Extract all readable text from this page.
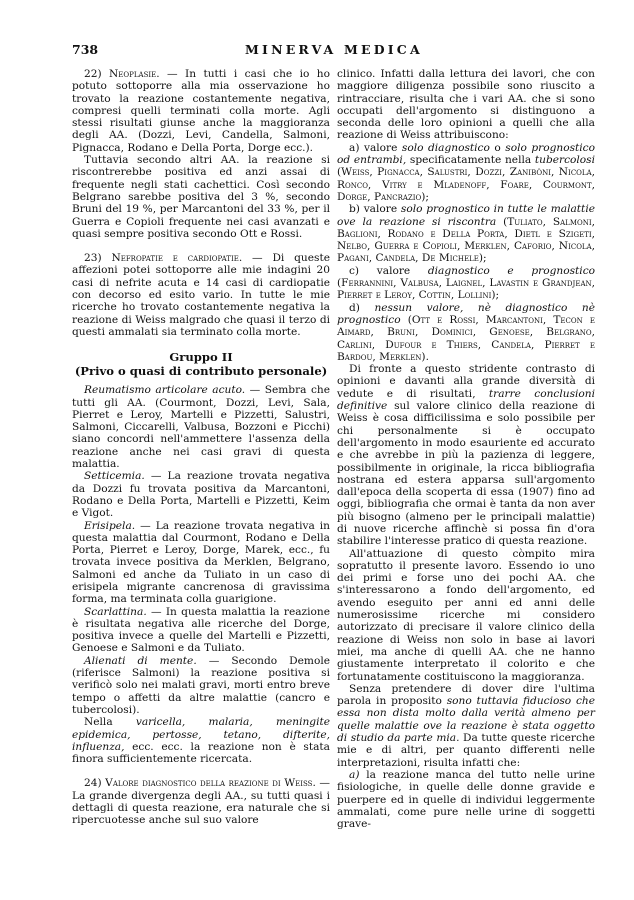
738	MINERVA MEDICA

22) Neoplasie. — In tutti i casi che io ho potuto sottoporre alla mia osservazione ho trovato la reazione costantemente negativa, compresi quelli terminati colla morte. Agli stessi risultati giunse anche la maggioranza degli AA. (Dozzi, Levi, Candella, Salmoni, Pignacca, Rodano e Della Porta, Dorge ecc.).

Tuttavia secondo altri AA. la reazione si riscontrerebbe positiva ed anzi assai di frequente negli stati cachettici. Così secondo Belgrano sarebbe positiva del 3 %, secondo Bruni del 19 %, per Marcantoni del 33 %, per il Guerra e Copioli frequente nei casi avanzati e quasi sempre positiva secondo Ott e Rossi.

23) Nefropatie e cardiopatie. — Di queste affezioni potei sottoporre alle mie indagini 20 casi di nefrite acuta e 14 casi di cardiopatie con decorso ed esito vario. In tutte le mie ricerche ho trovato costantemente negativa la reazione di Weiss malgrado che quasi il terzo di questi ammalati sia terminato colla morte.

Gruppo II
(Privo o quasi di contributo personale)

Reumatismo articolare acuto. — Sembra che tutti gli AA. (Courmont, Dozzi, Levi, Sala, Pierret e Leroy, Martelli e Pizzetti, Salustri, Salmoni, Ciccarelli, Valbusa, Bozzoni e Picchi) siano concordi nell'ammettere l'assenza della reazione anche nei casi gravi di questa malattia.

Setticemia. — La reazione trovata negativa da Dozzi fu trovata positiva da Marcantoni, Rodano e Della Porta, Martelli e Pizzetti, Keim e Vigot.

Erisipela. — La reazione trovata negativa in questa malattia dal Courmont, Rodano e Della Porta, Pierret e Leroy, Dorge, Marek, ecc., fu trovata invece positiva da Merklen, Belgrano, Salmoni ed anche da Tuliato in un caso di erisipela migrante cancrenosa di gravissima forma, ma terminata colla guarigione.

Scarlattina. — In questa malattia la reazione è risultata negativa alle ricerche del Dorge, positiva invece a quelle del Martelli e Pizzetti, Genoese e Salmoni e da Tuliato.

Alienati di mente. — Secondo Demole (riferisce Salmoni) la reazione positiva si verificò solo nei malati gravi, morti entro breve tempo o affetti da altre malattie (cancro e tubercolosi).

Nella varicella, malaria, meningite epidemica, pertosse, tetano, difterite, influenza, ecc. ecc. la reazione non è stata finora sufficientemente ricercata.

24) Valore diagnostico della reazione di Weiss. — La grande divergenza degli AA., su tutti quasi i dettagli di questa reazione, era naturale che si ripercuotesse anche sul suo valore

clinico. Infatti dalla lettura dei lavori, che con maggiore diligenza possibile sono riuscito a rintracciare, risulta che i vari AA. che si sono occupati dell'argomento si distinguono a seconda delle loro opinioni a quelli che alla reazione di Weiss attribuiscono:

a) valore solo diagnostico o solo prognostico od entrambi, specificatamente nella tubercolosi (Weiss, Pignacca, Salustri, Dozzi, Zanibòni, Nicola, Ronco, Vitry e Mladenoff, Foare, Courmont, Dorge, Pancrazio);

b) valore solo prognostico in tutte le malattie ove la reazione si riscontra (Tuliato, Salmoni, Baglioni, Rodano e Della Porta, Dietl e Szigeti, Nelbo, Guerra e Copioli, Merklen, Caforio, Nicola, Pagani, Candela, De Michele);

c) valore diagnostico e prognostico (Ferrannini, Valbusa, Laignel, Lavastin e Grandjean, Pierret e Leroy, Cottin, Lollini);

d) nessun valore, nè diagnostico nè prognostico (Ott e Rossi, Marcantoni, Tecon e Aimard, Bruni, Dominici, Genoese, Belgrano, Carlini, Dufour e Thiers, Candela, Pierret e Bardou, Merklen).

Di fronte a questo stridente contrasto di opinioni e davanti alla grande diversità di vedute e di risultati, trarre conclusioni definitive sul valore clinico della reazione di Weiss è cosa difficilissima e solo possibile per chi personalmente si è occupato dell'argomento in modo esauriente ed accurato e che avrebbe in più la pazienza di leggere, possibilmente in originale, la ricca bibliografia nostrana ed estera apparsa sull'argomento dall'epoca della scoperta di essa (1907) fino ad oggi, bibliografia che ormai è tanta da non aver più bisogno (almeno per le principali malattie) di nuove ricerche affinchè si possa fin d'ora stabilire l'interesse pratico di questa reazione.

All'attuazione di questo còmpito mira sopratutto il presente lavoro. Essendo io uno dei primi e forse uno dei pochi AA. che s'interessarono a fondo dell'argomento, ed avendo eseguito per anni ed anni delle numerosissime ricerche mi considero autorizzato di precisare il valore clinico della reazione di Weiss non solo in base ai lavori miei, ma anche di quelli AA. che ne hanno giustamente interpretato il colorito e che fortunatamente costituiscono la maggioranza.

Senza pretendere di dover dire l'ultima parola in proposito sono tuttavia fiducioso che essa non dista molto dalla verità almeno per quelle malattie ove la reazione è stata oggetto di studio da parte mia. Da tutte queste ricerche mie e di altri, per quanto differenti nelle interpretazioni, risulta infatti che:

a) la reazione manca del tutto nelle urine fisiologiche, in quelle delle donne gravide e puerpere ed in quelle di individui leggermente ammalati, come pure nelle urine di soggetti grave-
